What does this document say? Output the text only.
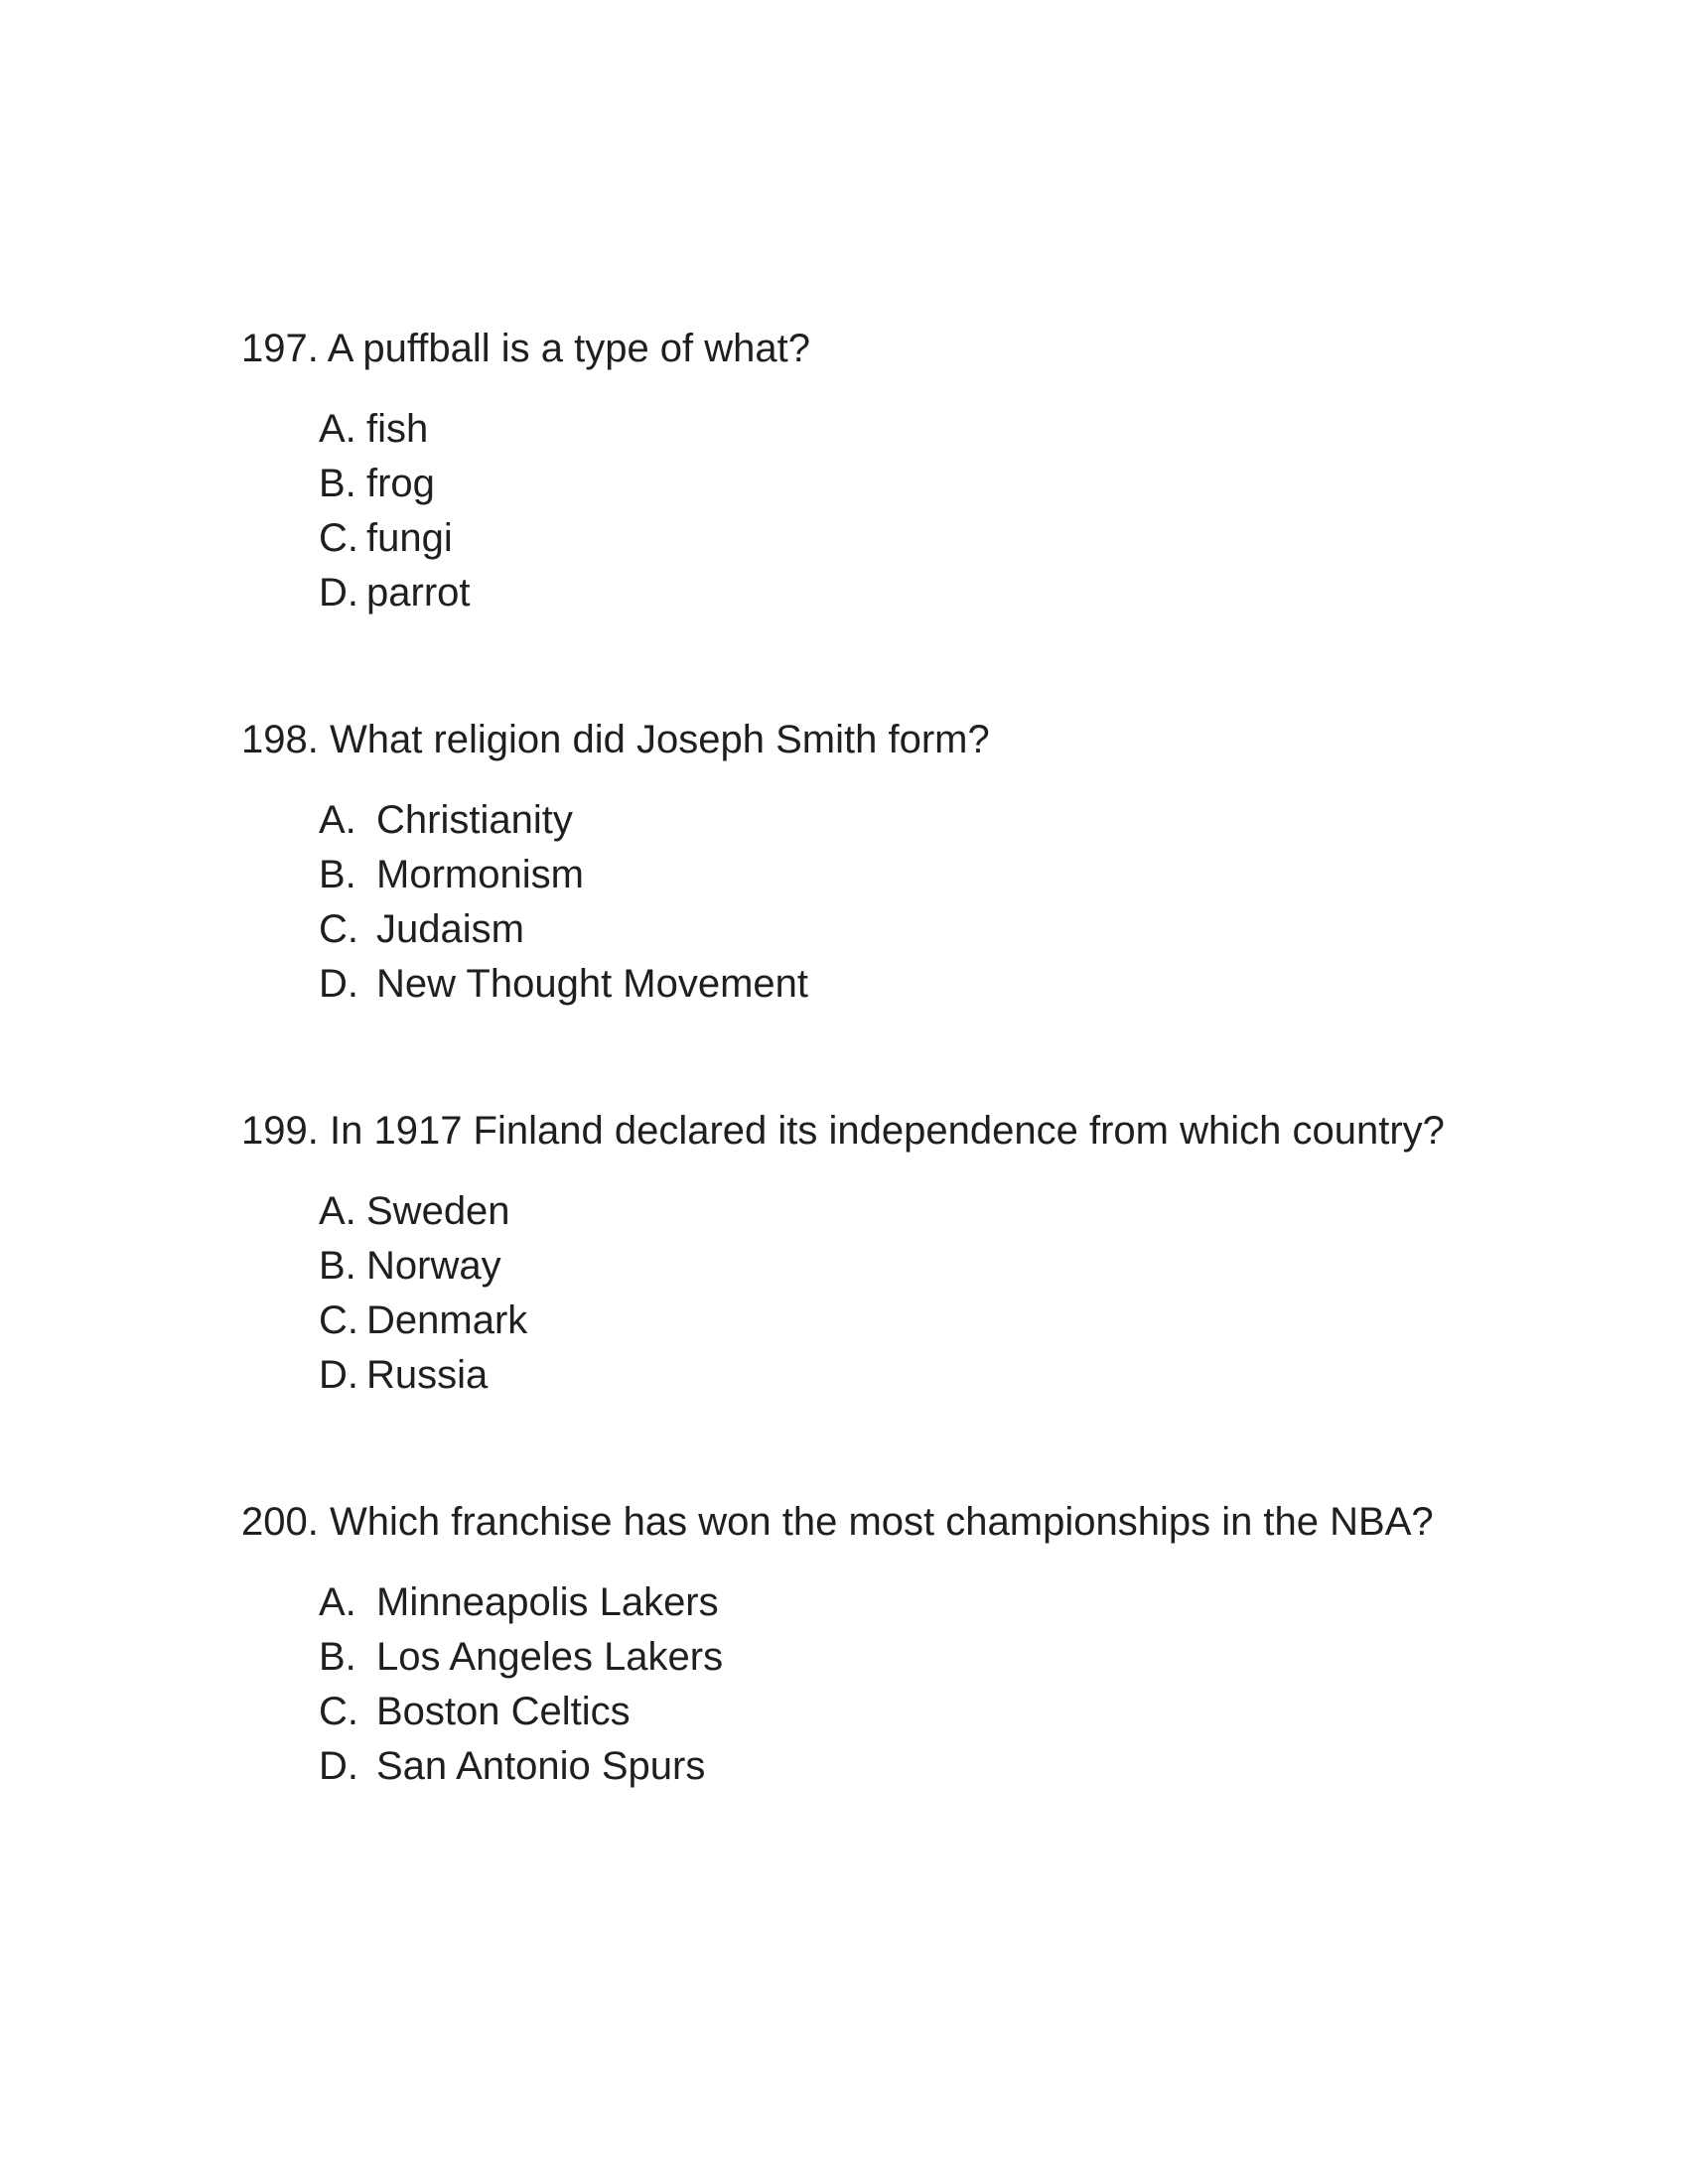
197. A puffball is a type of what?
A. fish
B. frog
C. fungi
D. parrot
198. What religion did Joseph Smith form?
A. Christianity
B. Mormonism
C. Judaism
D. New Thought Movement
199. In 1917 Finland declared its independence from which country?
A. Sweden
B. Norway
C. Denmark
D. Russia
200. Which franchise has won the most championships in the NBA?
A. Minneapolis Lakers
B. Los Angeles Lakers
C. Boston Celtics
D. San Antonio Spurs
